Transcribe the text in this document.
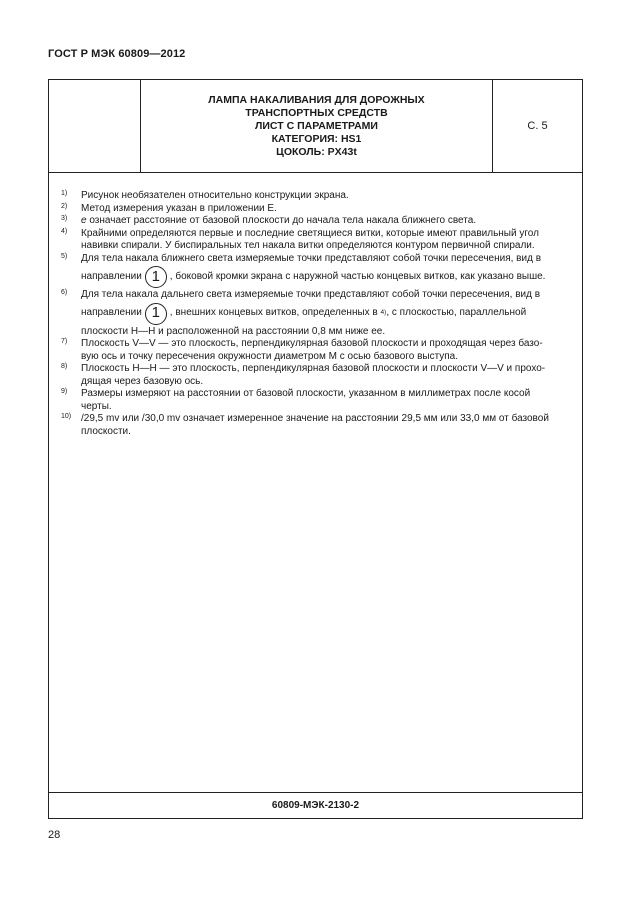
ГОСТ Р МЭК 60809—2012
ЛАМПА НАКАЛИВАНИЯ ДЛЯ ДОРОЖНЫХ
ТРАНСПОРТНЫХ СРЕДСТВ
ЛИСТ С ПАРАМЕТРАМИ
КАТЕГОРИЯ: HS1
ЦОКОЛЬ: PX43t
С. 5
1) Рисунок необязателен относительно конструкции экрана.
2) Метод измерения указан в приложении Е.
3) e означает расстояние от базовой плоскости до начала тела накала ближнего света.
4) Крайними определяются первые и последние светящиеся витки, которые имеют правильный угол
навивки спирали. У биспиральных тел накала витки определяются контуром первичной спирали.
5) Для тела накала ближнего света измеряемые точки представляют собой точки пересечения, вид в
направлении 1 , боковой кромки экрана с наружной частью концевых витков, как указано выше.
6) Для тела накала дальнего света измеряемые точки представляют собой точки пересечения, вид в
направлении 1 , внешних концевых витков, определенных в
4) , с плоскостью, параллельной
плоскости Н—Н и расположенной на расстоянии 0,8 мм ниже ее.
7) Плоскость V—V — это плоскость, перпендикулярная базовой плоскости и проходящая через базо-
вую ось и точку пересечения окружности диаметром М с осью базового выступа.
8) Плоскость Н—Н — это плоскость, перпендикулярная базовой плоскости и плоскости V—V и прохо-
дящая через базовую ось.
9) Размеры измеряют на расстоянии от базовой плоскости, указанном в миллиметрах после косой
черты.
10) /29,5 mv или /30,0 mv означает измеренное значение на расстоянии 29,5 мм или 33,0 мм от базовой
плоскости.
60809-МЭК-2130-2
28
